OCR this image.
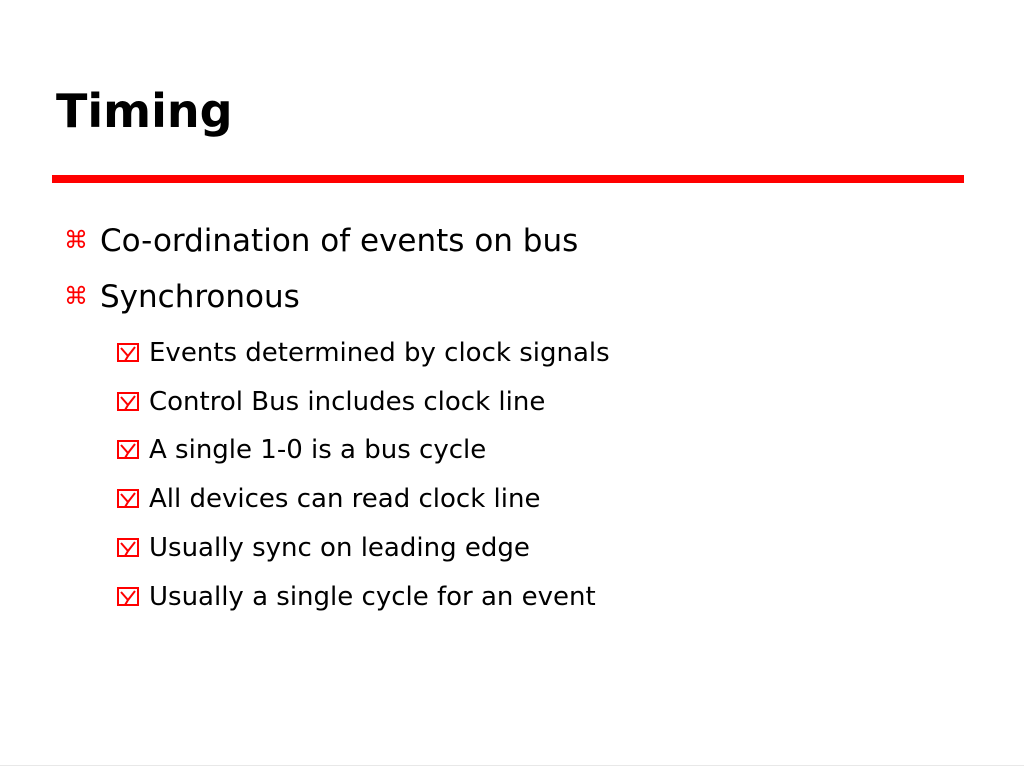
Timing
⌘ Co-ordination of events on bus
⌘ Synchronous
Events determined by clock signals
Control Bus includes clock line
A single 1-0 is a bus cycle
All devices can read clock line
Usually sync on leading edge
Usually a single cycle for an event
